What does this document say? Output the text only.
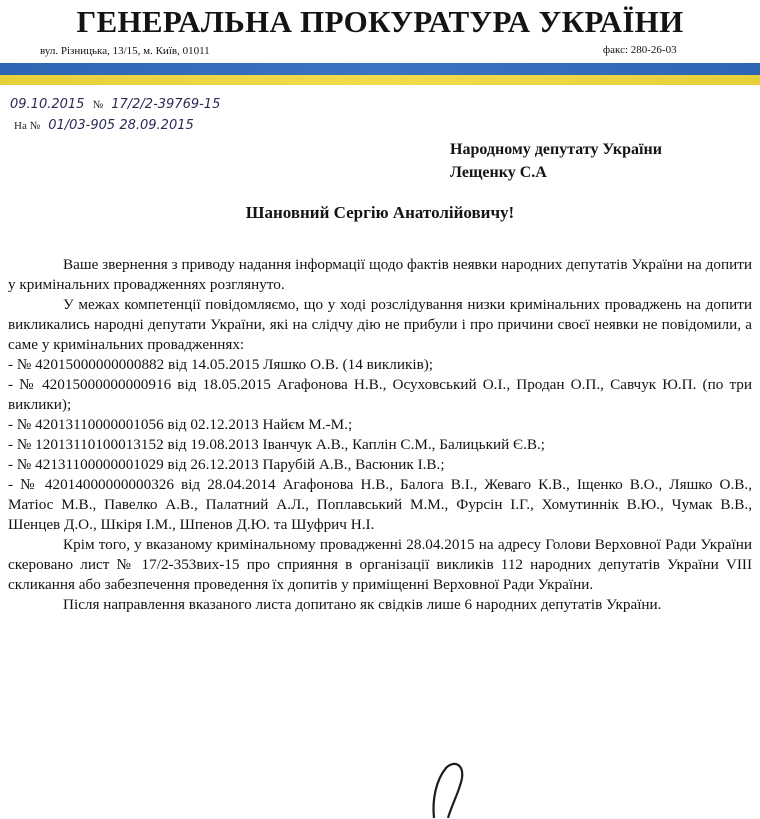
ГЕНЕРАЛЬНА ПРОКУРАТУРА УКРАЇНИ
вул. Різницька, 13/15, м. Київ, 01011	факс: 280-26-03
09.10.2015 № 17/2/2-39769-15
На № 01/03-905 28.09.2015
Народному депутату України
Лещенку С.А
Шановний Сергію Анатолійовичу!

Ваше звернення з приводу надання інформації щодо фактів неявки народних депутатів України на допити у кримінальних провадженнях розглянуто.

У межах компетенції повідомляємо, що у ході розслідування низки кримінальних проваджень на допити викликались народні депутати України, які на слідчу дію не прибули і про причини своєї неявки не повідомили, а саме у кримінальних провадженнях:

- № 42015000000000882 від 14.05.2015 Ляшко О.В. (14 викликів);

- № 42015000000000916 від 18.05.2015 Агафонова Н.В., Осуховський О.І., Продан О.П., Савчук Ю.П. (по три виклики);

- № 42013110000001056 від 02.12.2013 Найєм М.-М.;

- № 12013110100013152 від 19.08.2013 Іванчук А.В., Каплін С.М., Балицький Є.В.;

- № 42131100000001029 від 26.12.2013 Парубій А.В., Васюник І.В.;

- № 42014000000000326 від 28.04.2014 Агафонова Н.В., Балога В.І., Жеваго К.В., Іщенко В.О., Ляшко О.В., Матіос М.В., Павелко А.В., Палатний А.Л., Поплавський М.М., Фурсін І.Г., Хомутиннік В.Ю., Чумак В.В., Шенцев Д.О., Шкіря І.М., Шпенов Д.Ю. та Шуфрич Н.І.

Крім того, у вказаному кримінальному провадженні 28.04.2015 на адресу Голови Верховної Ради України скеровано лист № 17/2-353вих-15 про сприяння в організації викликів 112 народних депутатів України VIII скликання або забезпечення проведення їх допитів у приміщенні Верховної Ради України.

Після направлення вказаного листа допитано як свідків лише 6 народних депутатів України.
